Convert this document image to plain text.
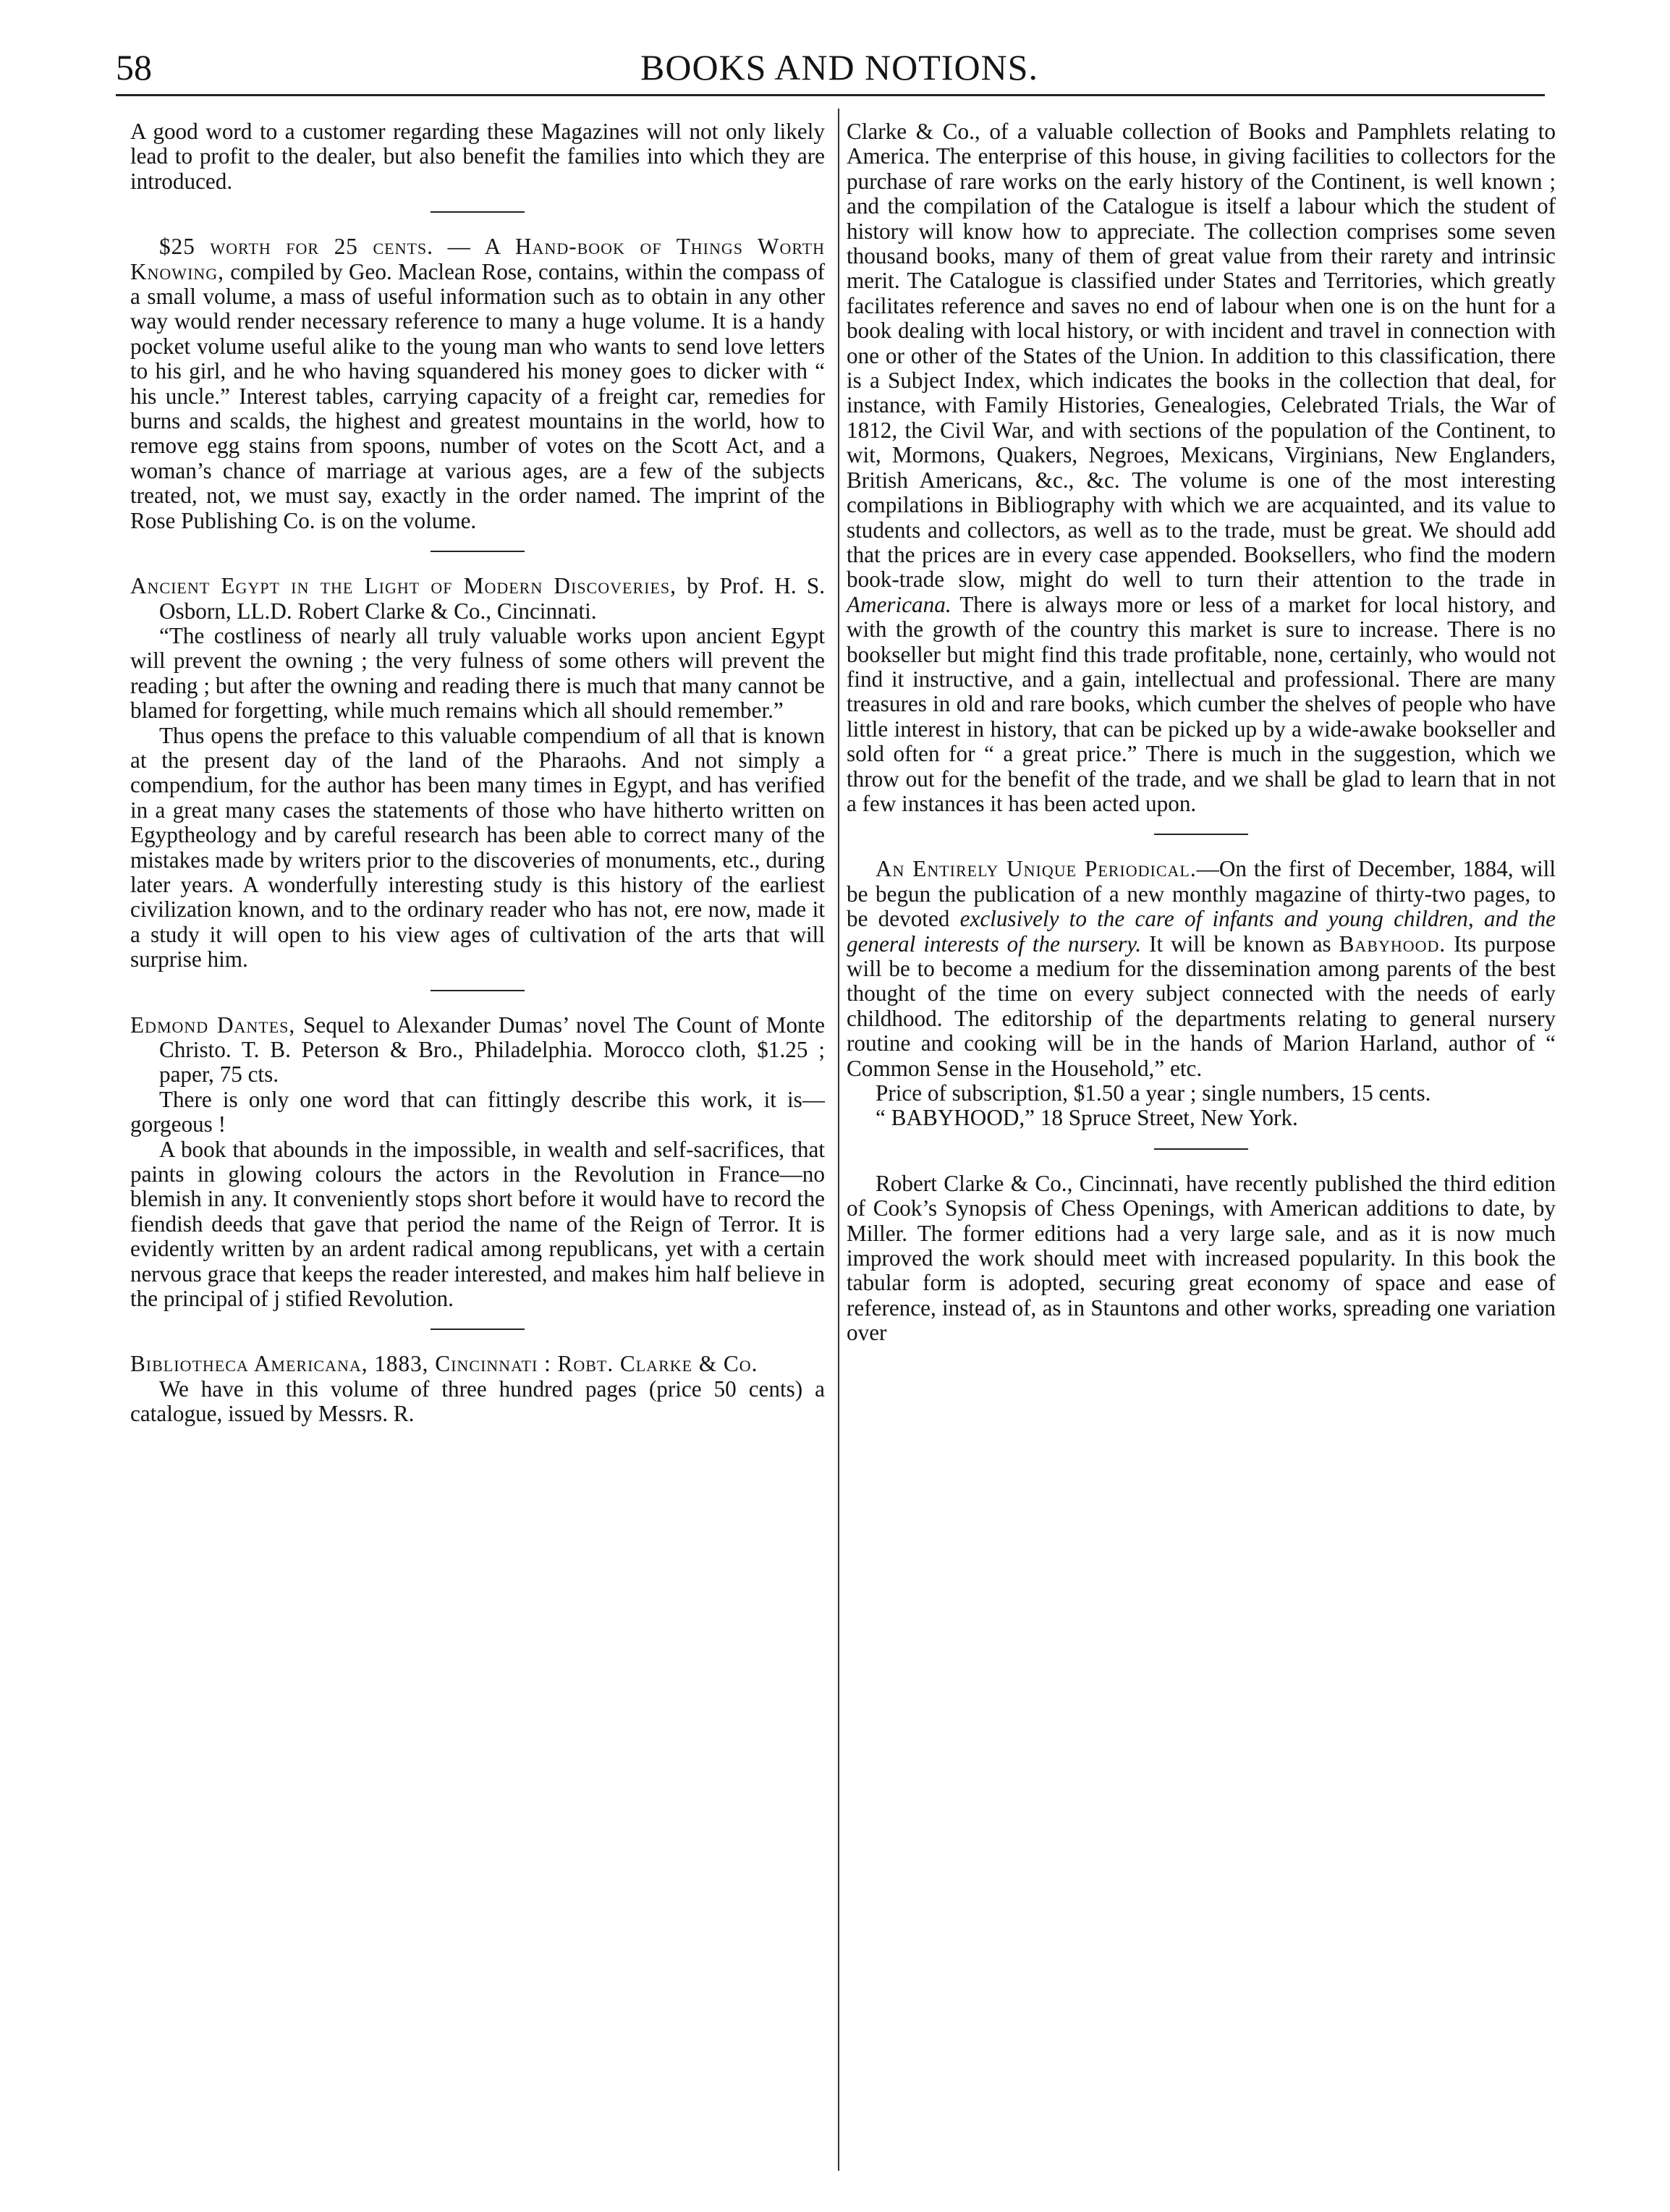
58	BOOKS AND NOTIONS.

A good word to a customer regarding these Magazines will not only likely lead to profit to the dealer, but also benefit the families into which they are introduced.

$25 worth for 25 cents. — A Hand-book of Things Worth Knowing, compiled by Geo. Maclean Rose, contains, within the compass of a small volume, a mass of useful information such as to obtain in any other way would render necessary reference to many a huge volume. It is a handy pocket volume useful alike to the young man who wants to send love letters to his girl, and he who having squandered his money goes to dicker with “ his uncle.” Interest tables, carrying capacity of a freight car, remedies for burns and scalds, the highest and greatest mountains in the world, how to remove egg stains from spoons, number of votes on the Scott Act, and a woman’s chance of marriage at various ages, are a few of the subjects treated, not, we must say, exactly in the order named. The imprint of the Rose Publishing Co. is on the volume.

Ancient Egypt in the Light of Modern Discoveries, by Prof. H. S. Osborn, LL.D. Robert Clarke & Co., Cincinnati.

“The costliness of nearly all truly valuable works upon ancient Egypt will prevent the owning ; the very fulness of some others will prevent the reading ; but after the owning and reading there is much that many cannot be blamed for forgetting, while much remains which all should remember.”

Thus opens the preface to this valuable compendium of all that is known at the present day of the land of the Pharaohs. And not simply a compendium, for the author has been many times in Egypt, and has verified in a great many cases the statements of those who have hitherto written on Egyptheology and by careful research has been able to correct many of the mistakes made by writers prior to the discoveries of monuments, etc., during later years. A wonderfully interesting study is this history of the earliest civilization known, and to the ordinary reader who has not, ere now, made it a study it will open to his view ages of cultivation of the arts that will surprise him.

Edmond Dantes, Sequel to Alexander Dumas’ novel The Count of Monte Christo. T. B. Peterson & Bro., Philadelphia. Morocco cloth, $1.25 ; paper, 75 cts.

There is only one word that can fittingly describe this work, it is—gorgeous !

A book that abounds in the impossible, in wealth and self-sacrifices, that paints in glowing colours the actors in the Revolution in France—no blemish in any. It conveniently stops short before it would have to record the fiendish deeds that gave that period the name of the Reign of Terror. It is evidently written by an ardent radical among republicans, yet with a certain nervous grace that keeps the reader interested, and makes him half believe in the principal of j stified Revolution.

Bibliotheca Americana, 1883, Cincinnati : Robt. Clarke & Co.

We have in this volume of three hundred pages (price 50 cents) a catalogue, issued by Messrs. R.

Clarke & Co., of a valuable collection of Books and Pamphlets relating to America. The enterprise of this house, in giving facilities to collectors for the purchase of rare works on the early history of the Continent, is well known ; and the compilation of the Catalogue is itself a labour which the student of history will know how to appreciate. The collection comprises some seven thousand books, many of them of great value from their rarety and intrinsic merit. The Catalogue is classified under States and Territories, which greatly facilitates reference and saves no end of labour when one is on the hunt for a book dealing with local history, or with incident and travel in connection with one or other of the States of the Union. In addition to this classification, there is a Subject Index, which indicates the books in the collection that deal, for instance, with Family Histories, Genealogies, Celebrated Trials, the War of 1812, the Civil War, and with sections of the population of the Continent, to wit, Mormons, Quakers, Negroes, Mexicans, Virginians, New Englanders, British Americans, &c., &c. The volume is one of the most interesting compilations in Bibliography with which we are acquainted, and its value to students and collectors, as well as to the trade, must be great. We should add that the prices are in every case appended. Booksellers, who find the modern book-trade slow, might do well to turn their attention to the trade in Americana. There is always more or less of a market for local history, and with the growth of the country this market is sure to increase. There is no bookseller but might find this trade profitable, none, certainly, who would not find it instructive, and a gain, intellectual and professional. There are many treasures in old and rare books, which cumber the shelves of people who have little interest in history, that can be picked up by a wide-awake bookseller and sold often for “ a great price.” There is much in the suggestion, which we throw out for the benefit of the trade, and we shall be glad to learn that in not a few instances it has been acted upon.

An Entirely Unique Periodical.—On the first of December, 1884, will be begun the publication of a new monthly magazine of thirty-two pages, to be devoted exclusively to the care of infants and young children, and the general interests of the nursery. It will be known as Babyhood. Its purpose will be to become a medium for the dissemination among parents of the best thought of the time on every subject connected with the needs of early childhood. The editorship of the departments relating to general nursery routine and cooking will be in the hands of Marion Harland, author of “ Common Sense in the Household,” etc.

Price of subscription, $1.50 a year ; single numbers, 15 cents.

“ BABYHOOD,” 18 Spruce Street, New York.

Robert Clarke & Co., Cincinnati, have recently published the third edition of Cook’s Synopsis of Chess Openings, with American additions to date, by Miller. The former editions had a very large sale, and as it is now much improved the work should meet with increased popularity. In this book the tabular form is adopted, securing great economy of space and ease of reference, instead of, as in Stauntons and other works, spreading one variation over
